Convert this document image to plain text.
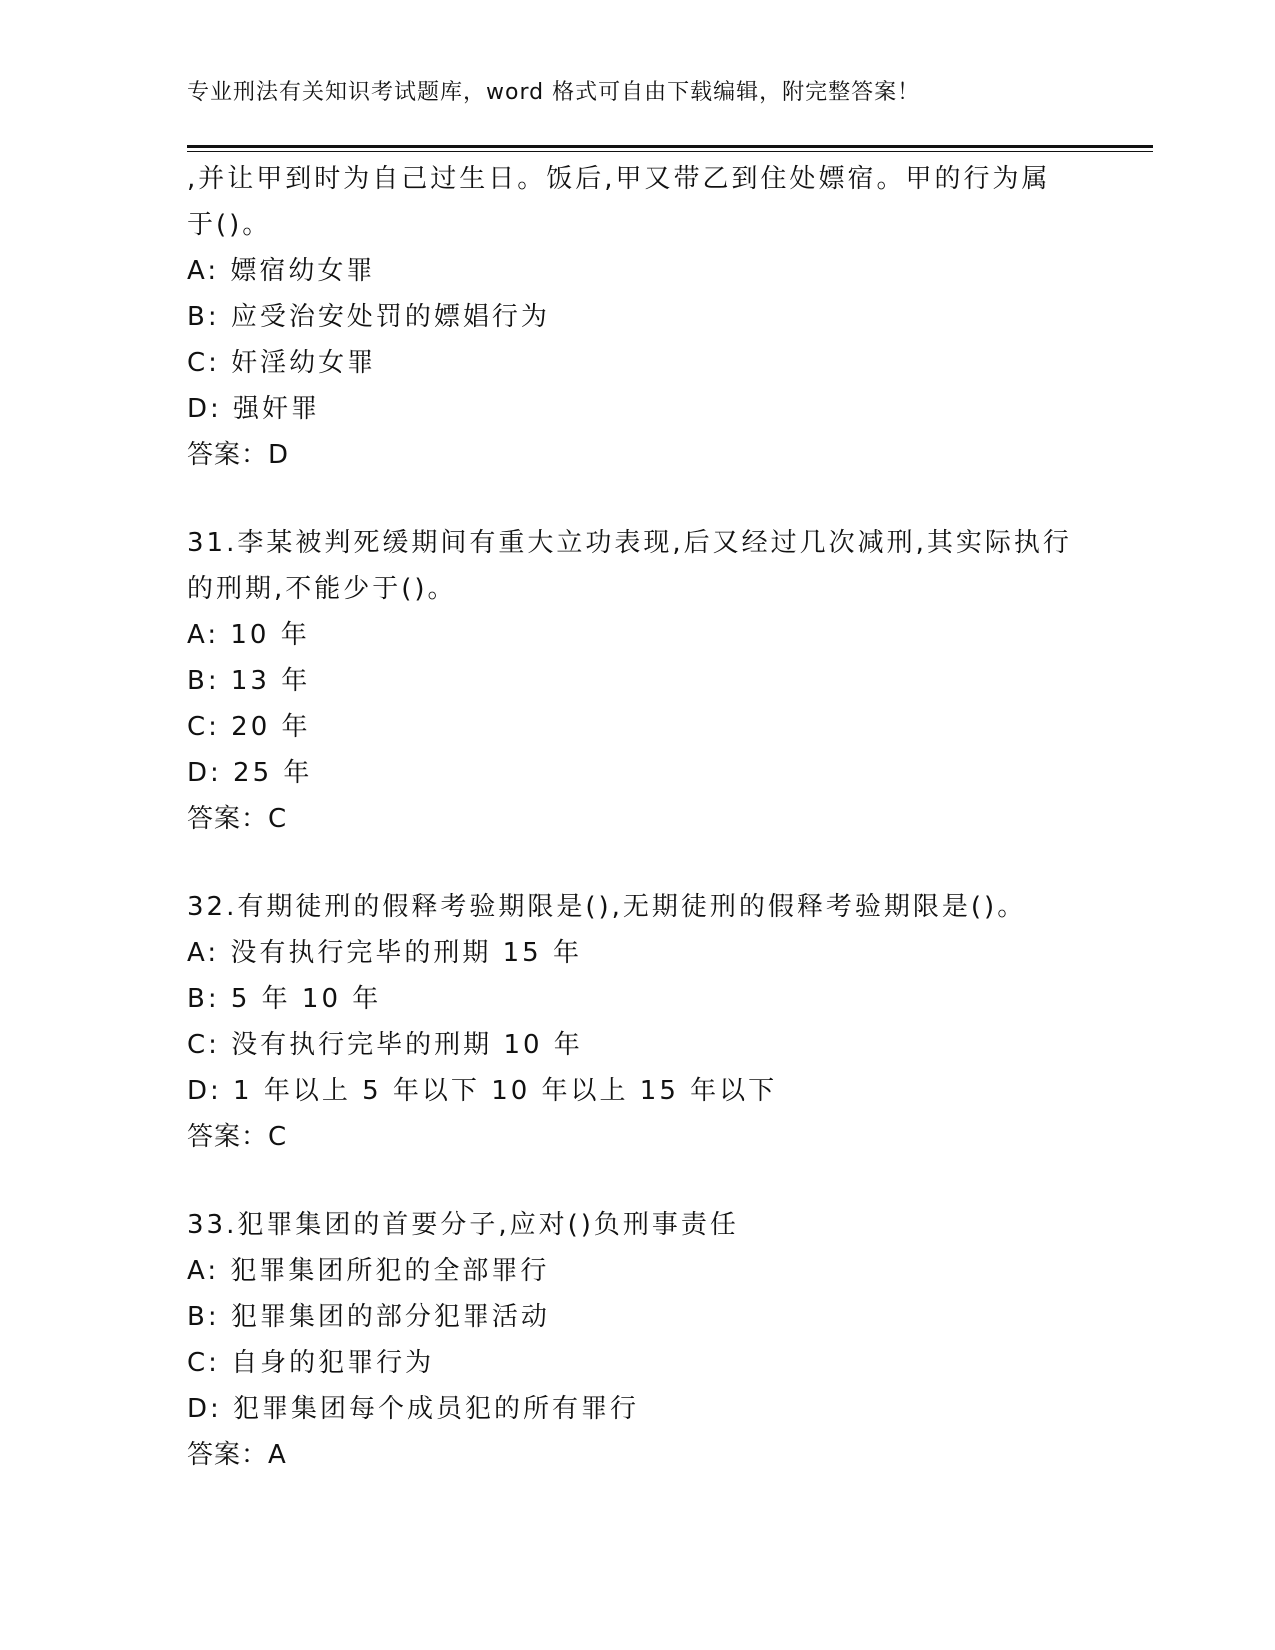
专业刑法有关知识考试题库，word 格式可自由下载编辑，附完整答案！
,并让甲到时为自己过生日。饭后,甲又带乙到住处嫖宿。甲的行为属
于()。
A: 嫖宿幼女罪
B: 应受治安处罚的嫖娼行为
C: 奸淫幼女罪
D: 强奸罪
答案：D
31.李某被判死缓期间有重大立功表现,后又经过几次减刑,其实际执行
的刑期,不能少于()。
A: 10 年
B: 13 年
C: 20 年
D: 25 年
答案：C
32.有期徒刑的假释考验期限是(),无期徒刑的假释考验期限是()。
A: 没有执行完毕的刑期 15 年
B: 5 年 10 年
C: 没有执行完毕的刑期 10 年
D: 1 年以上 5 年以下 10 年以上 15 年以下
答案：C
33.犯罪集团的首要分子,应对()负刑事责任
A: 犯罪集团所犯的全部罪行
B: 犯罪集团的部分犯罪活动
C: 自身的犯罪行为
D: 犯罪集团每个成员犯的所有罪行
答案：A
